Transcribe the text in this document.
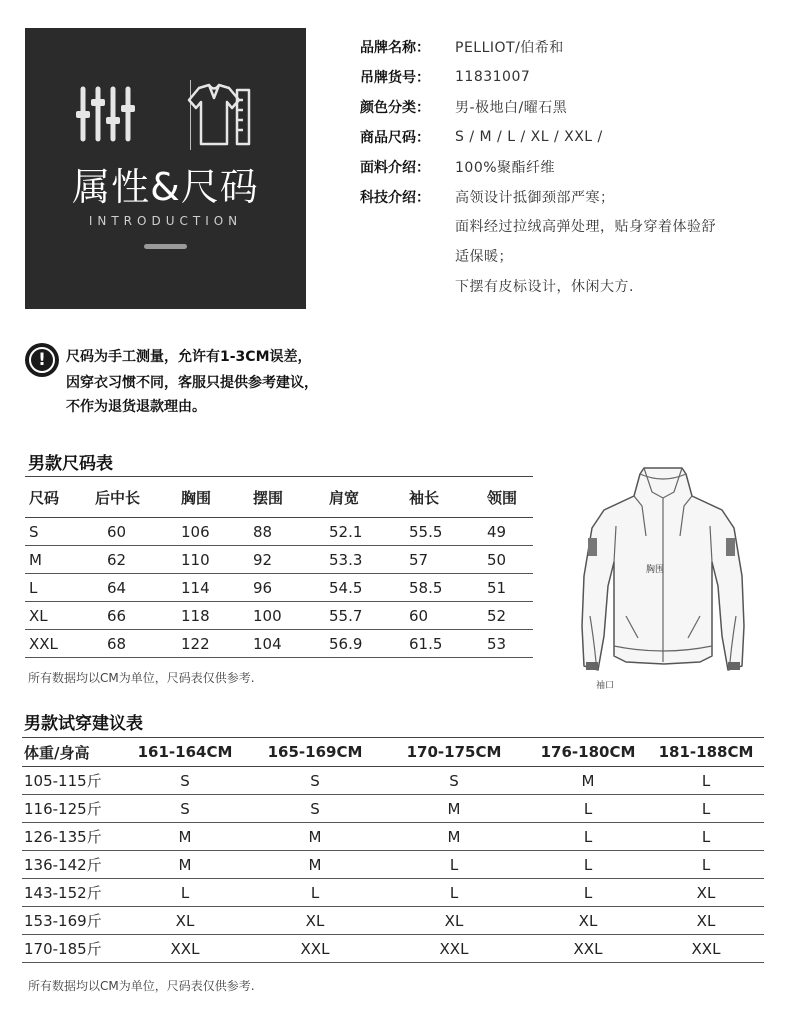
属性&尺码
INTRODUCTION
品牌名称：	PELLIOT/伯希和
吊牌货号：	11831007
颜色分类：	男-极地白/曜石黑
商品尺码：	S / M / L / XL / XXL /
面料介绍：	100%聚酯纤维
科技介绍：	高领设计抵御颈部严寒；
面料经过拉绒高弹处理，贴身穿着体验舒
适保暖；
下摆有皮标设计，休闲大方.
!	尺码为手工测量，允许有1-3CM误差，
因穿衣习惯不同，客服只提供参考建议，
不作为退货退款理由。
男款尺码表
尺码	后中长	胸围	摆围	肩宽	袖长	领围
S	60	106	88	52.1	55.5	49
M	62	110	92	53.3	57	50
L	64	114	96	54.5	58.5	51
XL	66	118	100	55.7	60	52
XXL	68	122	104	56.9	61.5	53
所有数据均以CM为单位，尺码表仅供参考.
胸围
袖口
男款试穿建议表
体重/身高	161-164CM	165-169CM	170-175CM	176-180CM	181-188CM
105-115斤	S	S	S	M	L
116-125斤	S	S	M	L	L
126-135斤	M	M	M	L	L
136-142斤	M	M	L	L	L
143-152斤	L	L	L	L	XL
153-169斤	XL	XL	XL	XL	XL
170-185斤	XXL	XXL	XXL	XXL	XXL
所有数据均以CM为单位，尺码表仅供参考.
